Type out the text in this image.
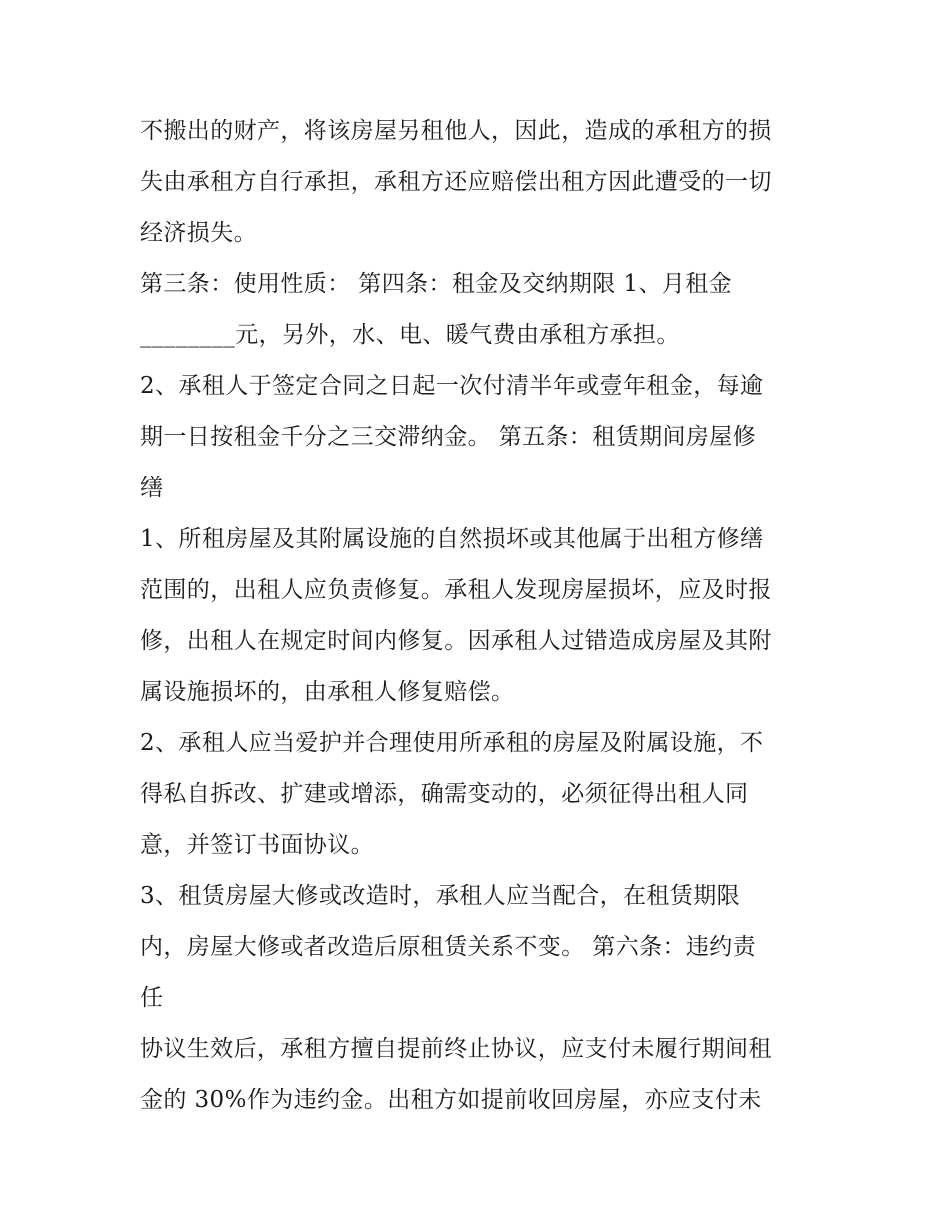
不搬出的财产，将该房屋另租他人，因此，造成的承租方的损
失由承租方自行承担，承租方还应赔偿出租方因此遭受的一切
经济损失。
第三条：使用性质： 第四条：租金及交纳期限 1、月租金
________元，另外，水、电、暖气费由承租方承担。
2、承租人于签定合同之日起一次付清半年或壹年租金，每逾
期一日按租金千分之三交滞纳金。 第五条：租赁期间房屋修
缮
1、所租房屋及其附属设施的自然损坏或其他属于出租方修缮
范围的，出租人应负责修复。承租人发现房屋损坏，应及时报
修，出租人在规定时间内修复。因承租人过错造成房屋及其附
属设施损坏的，由承租人修复赔偿。
2、承租人应当爱护并合理使用所承租的房屋及附属设施，不
得私自拆改、扩建或增添，确需变动的，必须征得出租人同
意，并签订书面协议。
3、租赁房屋大修或改造时，承租人应当配合，在租赁期限
内，房屋大修或者改造后原租赁关系不变。 第六条：违约责
任
协议生效后，承租方擅自提前终止协议，应支付未履行期间租
金的 30%作为违约金。出租方如提前收回房屋，亦应支付未
